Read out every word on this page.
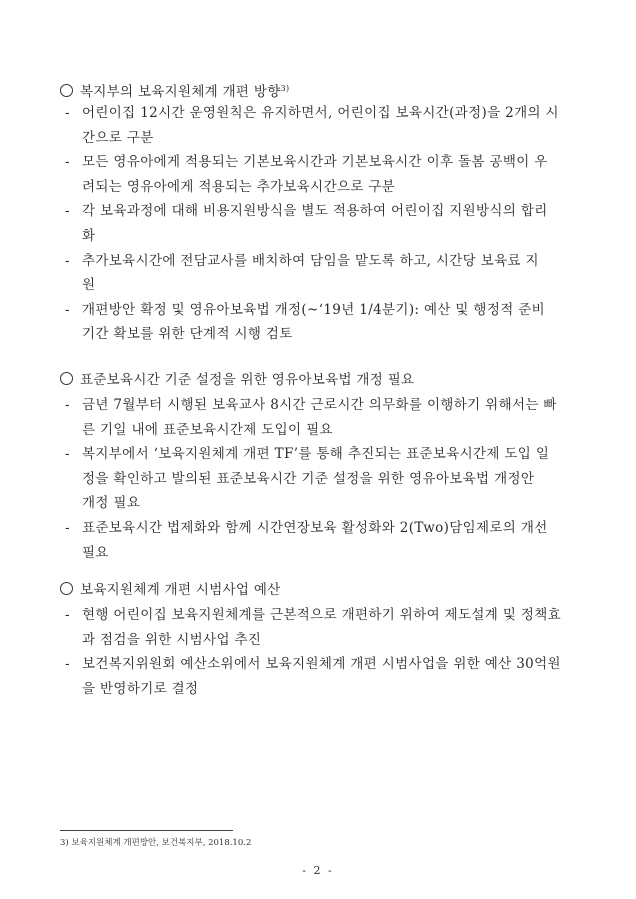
복지부의 보육지원체계 개편 방향$^{3)}$
- 어린이집 12시간 운영원칙은 유지하면서, 어린이집 보육시간(과정)을 2개의 시
간으로 구분
- 모든 영유아에게 적용되는 기본보육시간과 기본보육시간 이후 돌봄 공백이 우
려되는 영유아에게 적용되는 추가보육시간으로 구분
- 각 보육과정에 대해 비용지원방식을 별도 적용하여 어린이집 지원방식의 합리
화
- 추가보육시간에 전담교사를 배치하여 담임을 맡도록 하고, 시간당 보육료 지
원
- 개편방안 확정 및 영유아보육법 개정(~‘19년 1/4분기): 예산 및 행정적 준비
기간 확보를 위한 단계적 시행 검토
표준보육시간 기준 설정을 위한 영유아보육법 개정 필요
- 금년 7월부터 시행된 보육교사 8시간 근로시간 의무화를 이행하기 위해서는 빠
른 기일 내에 표준보육시간제 도입이 필요
- 복지부에서 ‘보육지원체계 개편 TF’를 통해 추진되는 표준보육시간제 도입 일
정을 확인하고 발의된 표준보육시간 기준 설정을 위한 영유아보육법 개정안
개정 필요
- 표준보육시간 법제화와 함께 시간연장보육 활성화와 2(Two)담임제로의 개선
필요
보육지원체계 개편 시범사업 예산
- 현행 어린이집 보육지원체계를 근본적으로 개편하기 위하여 제도설계 및 정책효
과 점검을 위한 시범사업 추진
- 보건복지위원회 예산소위에서 보육지원체계 개편 시범사업을 위한 예산 30억원
을 반영하기로 결정
3) 보육지원체계 개편방안, 보건복지부, 2018.10.2
- 2 -
